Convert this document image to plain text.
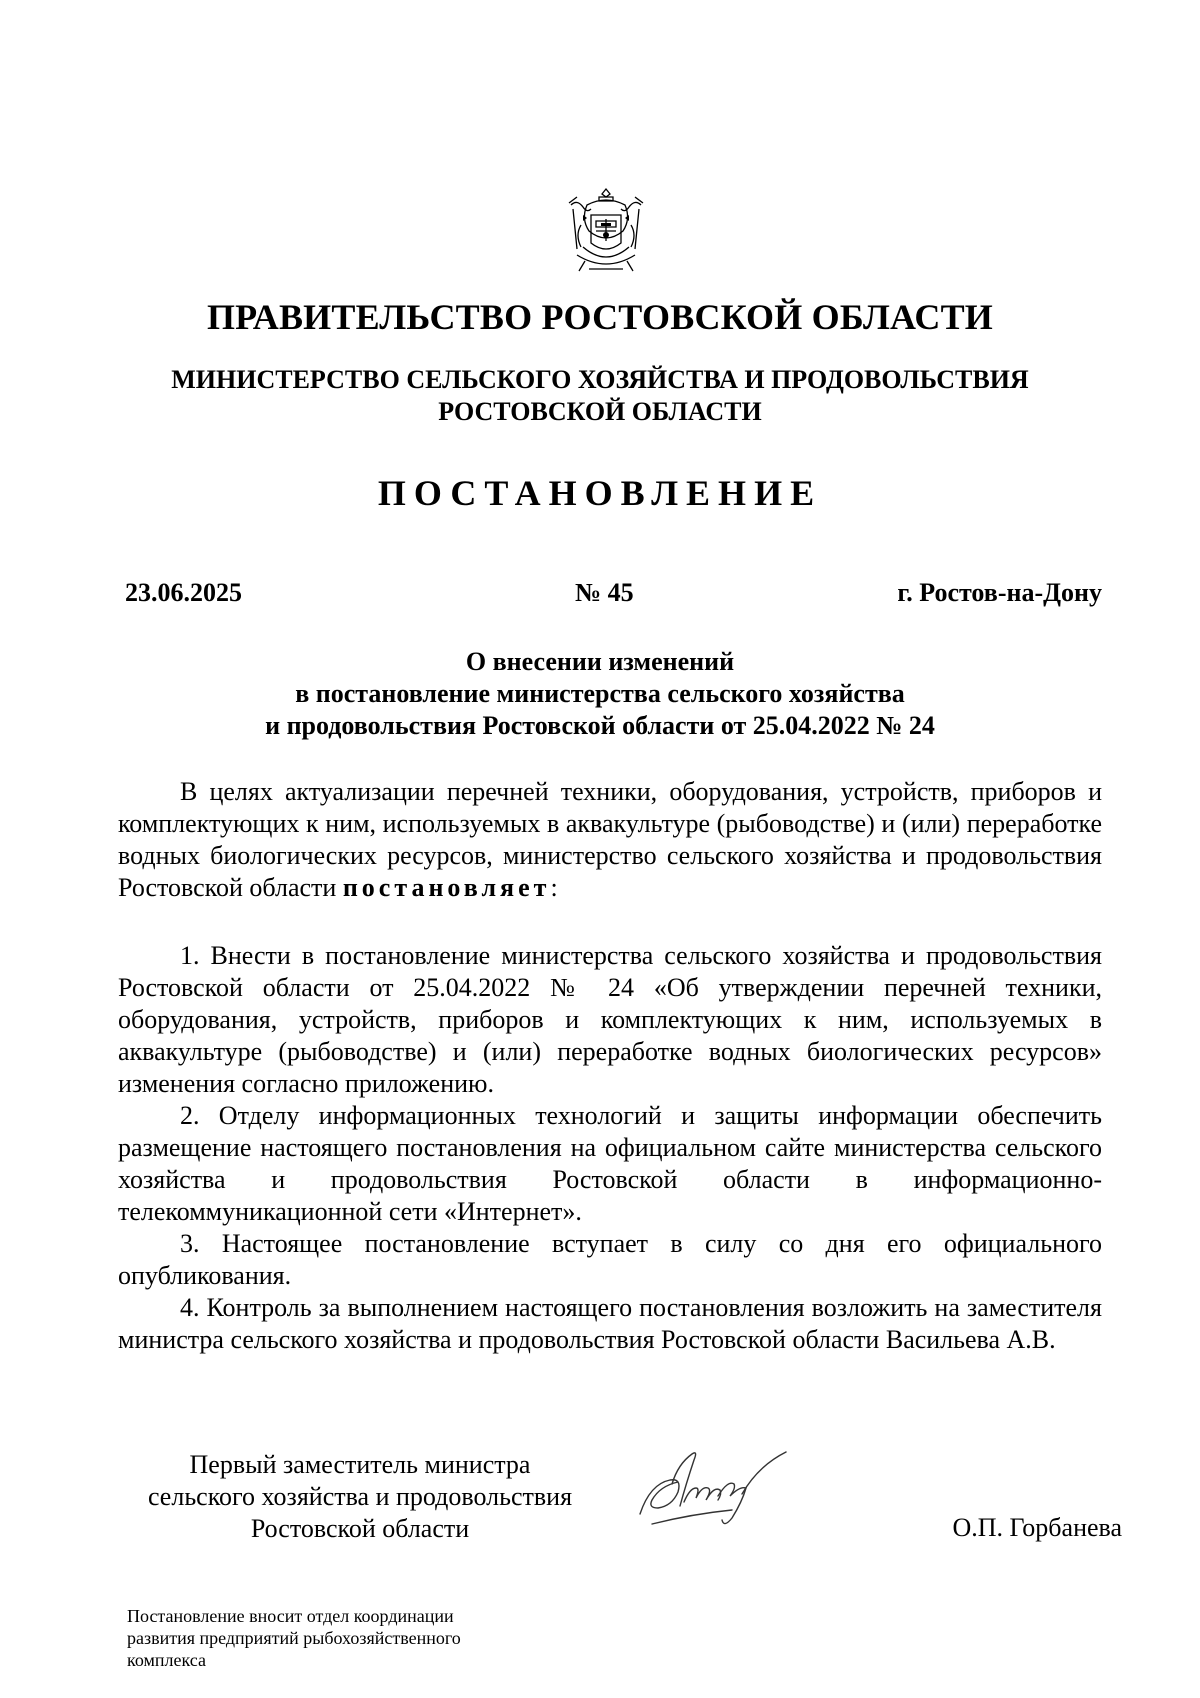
ПРАВИТЕЛЬСТВО РОСТОВСКОЙ ОБЛАСТИ
МИНИСТЕРСТВО СЕЛЬСКОГО ХОЗЯЙСТВА И ПРОДОВОЛЬСТВИЯ
РОСТОВСКОЙ ОБЛАСТИ
ПОСТАНОВЛЕНИЕ
23.06.2025	№ 45	г. Ростов-на-Дону
О внесении изменений
в постановление министерства сельского хозяйства
и продовольствия Ростовской области от 25.04.2022 № 24

В целях актуализации перечней техники, оборудования, устройств, приборов и комплектующих к ним, используемых в аквакультуре (рыбоводстве) и (или) переработке водных биологических ресурсов, министерство сельского хозяйства и продовольствия Ростовской области постановляет:

1. Внести в постановление министерства сельского хозяйства и продовольствия Ростовской области от 25.04.2022 № 24 «Об утверждении перечней техники, оборудования, устройств, приборов и комплектующих к ним, используемых в аквакультуре (рыбоводстве) и (или) переработке водных биологических ресурсов» изменения согласно приложению.

2. Отделу информационных технологий и защиты информации обеспечить размещение настоящего постановления на официальном сайте министерства сельского хозяйства и продовольствия Ростовской области в информационно-телекоммуникационной сети «Интернет».

3. Настоящее постановление вступает в силу со дня его официального опубликования.

4. Контроль за выполнением настоящего постановления возложить на заместителя министра сельского хозяйства и продовольствия Ростовской области Васильева А.В.

Первый заместитель министра
сельского хозяйства и продовольствия
Ростовской области	О.П. Горбанева
Постановление вносит отдел координации
развития предприятий рыбохозяйственного
комплекса
